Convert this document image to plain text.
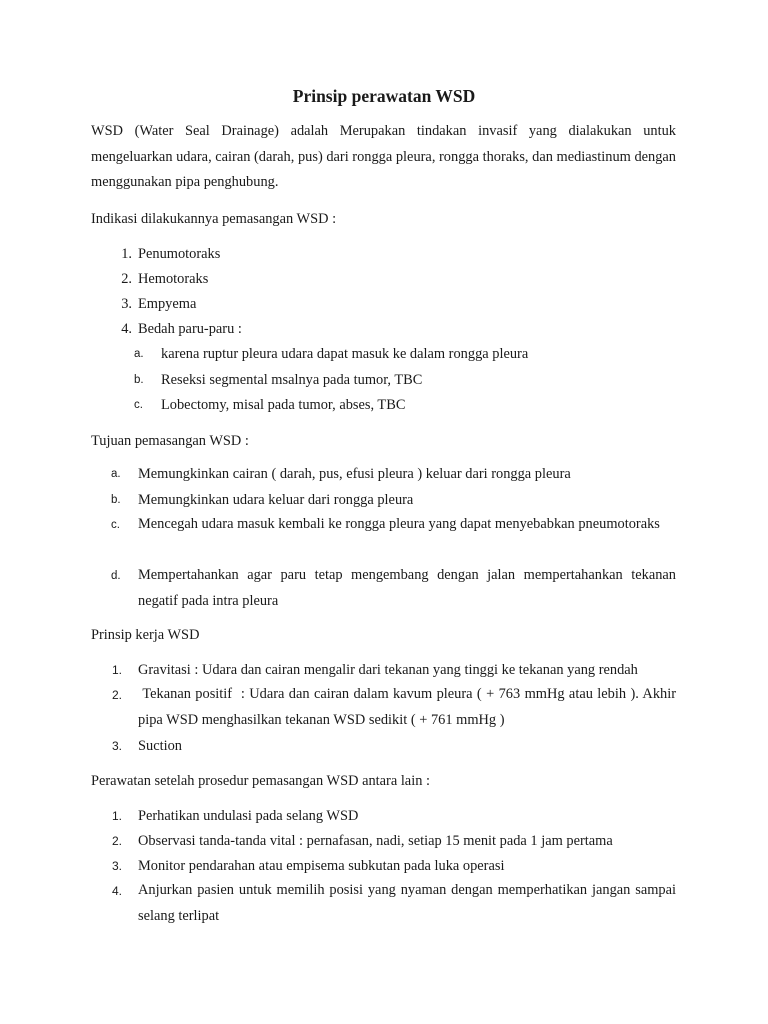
Prinsip perawatan WSD
WSD (Water Seal Drainage) adalah Merupakan tindakan invasif yang dialakukan untuk mengeluarkan udara, cairan (darah, pus) dari rongga pleura, rongga thoraks, dan mediastinum dengan menggunakan pipa penghubung.
Indikasi dilakukannya pemasangan WSD :
1. Penumotoraks
2. Hemotoraks
3. Empyema
4. Bedah paru-paru :
a.	karena ruptur pleura udara dapat masuk ke dalam rongga pleura
b.	Reseksi segmental msalnya pada tumor, TBC
c.	Lobectomy, misal pada tumor, abses, TBC
Tujuan pemasangan WSD :
a.	Memungkinkan cairan ( darah, pus, efusi pleura ) keluar dari rongga pleura
b.	Memungkinkan udara keluar dari rongga pleura
c.	Mencegah udara masuk kembali ke rongga pleura yang dapat menyebabkan pneumotoraks
d.	Mempertahankan agar paru tetap mengembang dengan jalan mempertahankan tekanan negatif pada intra pleura
Prinsip kerja WSD
1.	Gravitasi : Udara dan cairan mengalir dari tekanan yang tinggi ke tekanan yang rendah
2.	Tekanan positif  : Udara dan cairan dalam kavum pleura ( + 763 mmHg atau lebih ). Akhir pipa WSD menghasilkan tekanan WSD sedikit ( + 761 mmHg )
3.	Suction
Perawatan setelah prosedur pemasangan WSD antara lain :
1.	Perhatikan undulasi pada selang WSD
2.	Observasi tanda-tanda vital : pernafasan, nadi, setiap 15 menit pada 1 jam pertama
3.	Monitor pendarahan atau empisema subkutan pada luka operasi
4.	Anjurkan pasien untuk memilih posisi yang nyaman dengan memperhatikan jangan sampai selang terlipat
